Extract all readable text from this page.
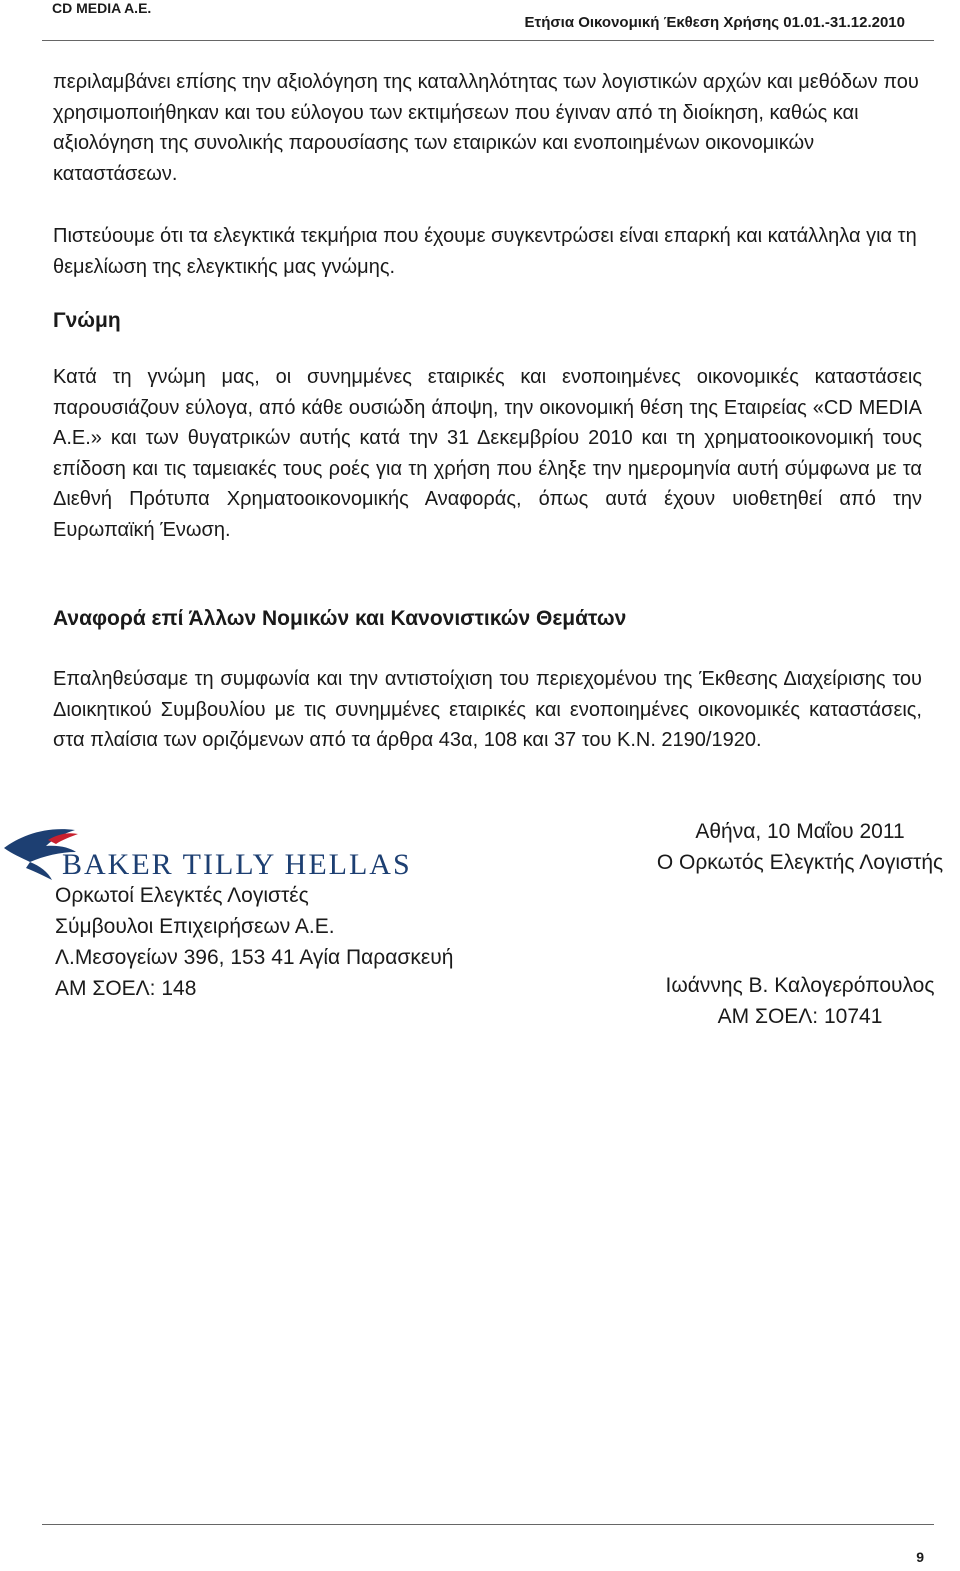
CD MEDIA A.E.
Ετήσια Οικονομική Έκθεση Χρήσης 01.01.-31.12.2010

περιλαμβάνει επίσης την αξιολόγηση της καταλληλότητας των λογιστικών αρχών και μεθόδων που χρησιμοποιήθηκαν και του εύλογου των εκτιμήσεων που έγιναν από τη διοίκηση, καθώς και αξιολόγηση της συνολικής παρουσίασης των εταιρικών και ενοποιημένων οικονομικών καταστάσεων.

Πιστεύουμε ότι τα ελεγκτικά τεκμήρια που έχουμε συγκεντρώσει είναι επαρκή και κατάλληλα για τη θεμελίωση της ελεγκτικής μας γνώμης.

Γνώμη

Κατά τη γνώμη μας, οι συνημμένες εταιρικές και ενοποιημένες οικονομικές καταστάσεις παρουσιάζουν εύλογα, από κάθε ουσιώδη άποψη, την οικονομική θέση της Εταιρείας «CD MEDIA A.E.» και των θυγατρικών αυτής κατά την 31 Δεκεμβρίου 2010 και τη χρηματοοικονομική τους επίδοση και τις ταμειακές τους ροές για τη χρήση που έληξε την ημερομηνία αυτή σύμφωνα με τα Διεθνή Πρότυπα Χρηματοοικονομικής Αναφοράς, όπως αυτά έχουν υιοθετηθεί από την Ευρωπαϊκή Ένωση.

Αναφορά επί Άλλων Νομικών και Κανονιστικών Θεμάτων

Επαληθεύσαμε τη συμφωνία και την αντιστοίχιση του περιεχομένου της Έκθεσης Διαχείρισης του Διοικητικού Συμβουλίου με τις συνημμένες εταιρικές και ενοποιημένες οικονομικές καταστάσεις, στα πλαίσια των οριζόμενων από τα άρθρα 43α, 108 και 37 του Κ.Ν. 2190/1920.

BAKER TILLY HELLAS
Ορκωτοί Ελεγκτές Λογιστές
Σύμβουλοι Επιχειρήσεων Α.Ε.
Λ.Μεσογείων 396, 153 41 Αγία Παρασκευή
ΑΜ ΣΟΕΛ: 148
Αθήνα, 10 Μαΐου 2011
Ο Ορκωτός Ελεγκτής Λογιστής
Ιωάννης Β. Καλογερόπουλος
ΑΜ ΣΟΕΛ: 10741
9
